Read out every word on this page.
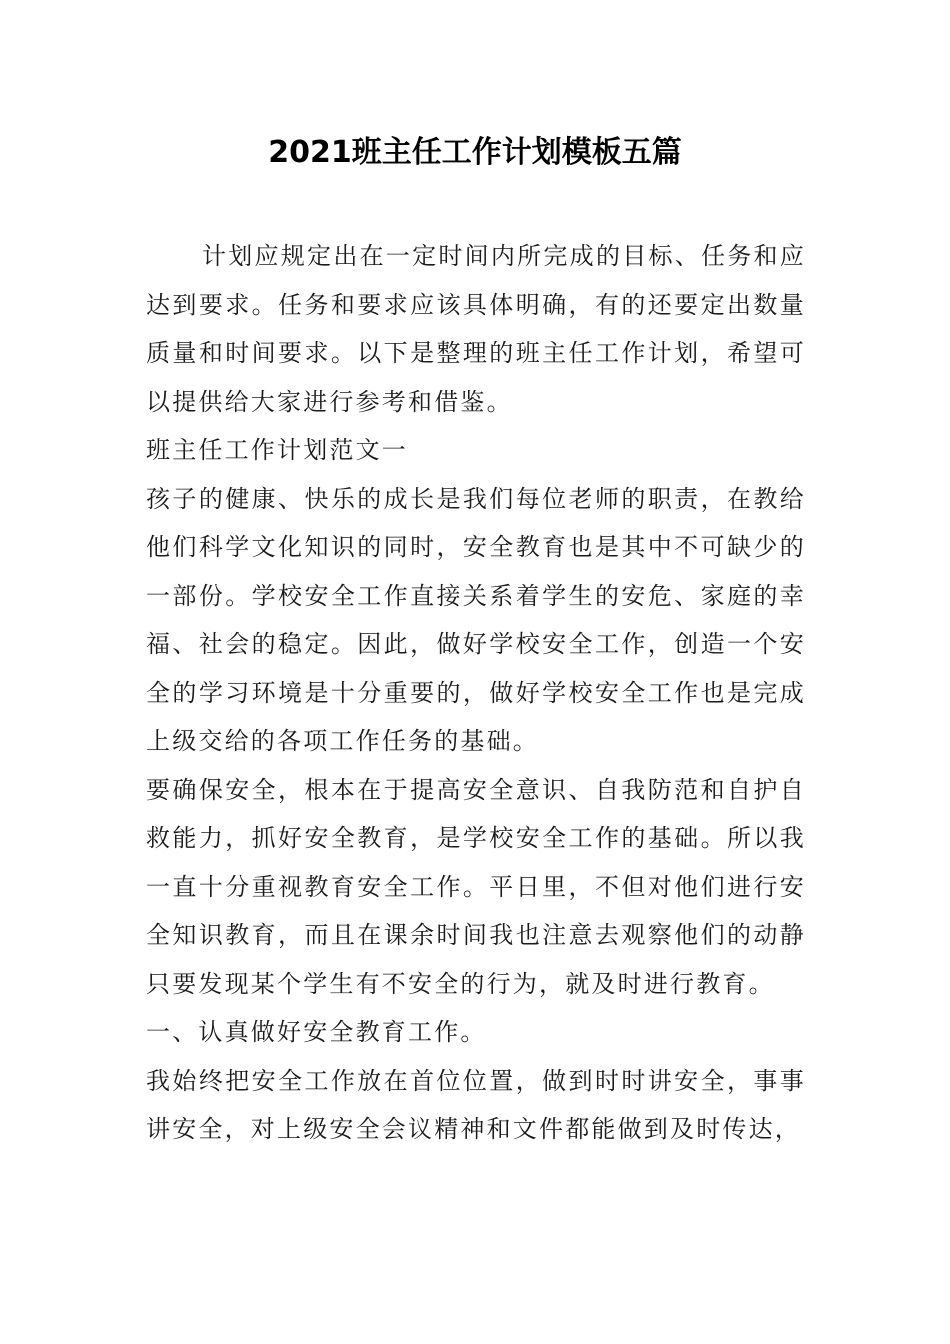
2021班主任工作计划模板五篇

计划应规定出在一定时间内所完成的目标、任务和应达到要求。任务和要求应该具体明确，有的还要定出数量质量和时间要求。以下是整理的班主任工作计划，希望可以提供给大家进行参考和借鉴。

班主任工作计划范文一

孩子的健康、快乐的成长是我们每位老师的职责，在教给他们科学文化知识的同时，安全教育也是其中不可缺少的一部份。学校安全工作直接关系着学生的安危、家庭的幸福、社会的稳定。因此，做好学校安全工作，创造一个安全的学习环境是十分重要的，做好学校安全工作也是完成上级交给的各项工作任务的基础。

要确保安全，根本在于提高安全意识、自我防范和自护自救能力，抓好安全教育，是学校安全工作的基础。所以我一直十分重视教育安全工作。平日里，不但对他们进行安全知识教育，而且在课余时间我也注意去观察他们的动静只要发现某个学生有不安全的行为，就及时进行教育。

一、认真做好安全教育工作。

我始终把安全工作放在首位位置，做到时时讲安全，事事讲安全，对上级安全会议精神和文件都能做到及时传达，
